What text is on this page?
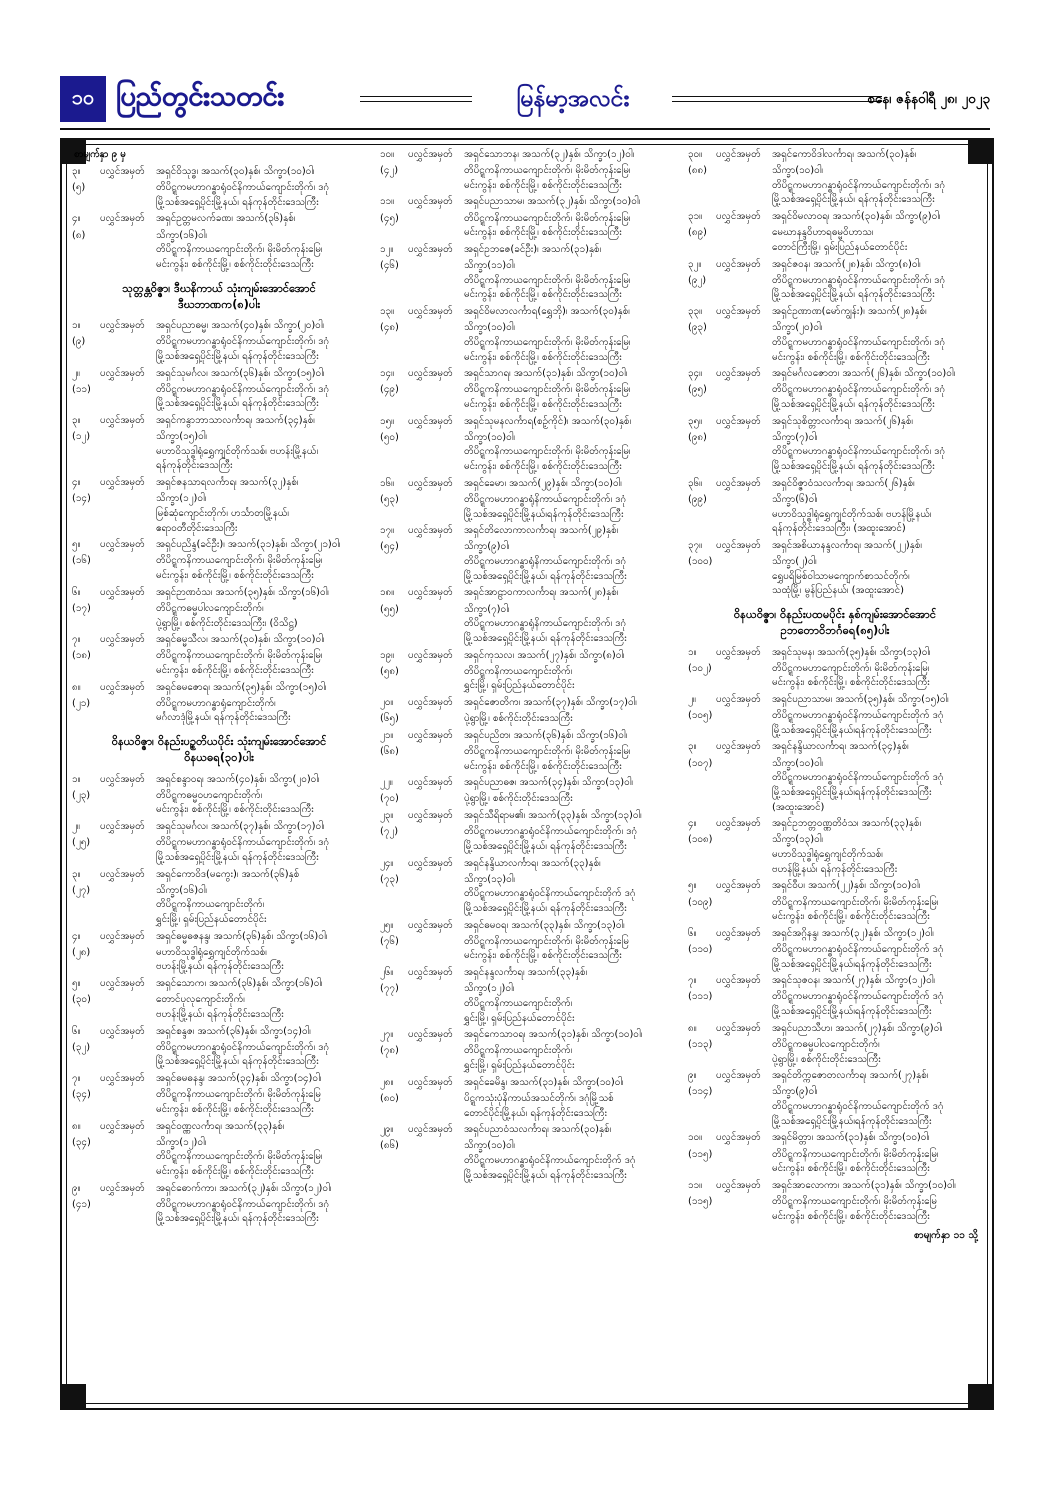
၁၀ ပြည်တွင်းသတင်း	မြန်မာ့အလင်း	စနေ၊ ဇန်နဝါရီ ၂၈၊ ၂၀၂၃
စာမျက်နှာ ၉ မှ
၃။	ပလွှင်အမှတ်	အရှင်ဝိသုဒ္ဓ၊ အသက်(၃၀)နှစ်၊ သိက္ခာ(၁၀)ဝါ၊
(၅)	တိပိဋ္ဋကမဟာဂန္ဓာရုံဝင်နိကာယ်ကျောင်းတိုက်၊ ဒဂုံ
မြို့သစ်အရှေ့ပိုင်းမြို့နယ်၊ ရန်ကုန်တိုင်းဒေသကြီး
၄။	ပလွှင်အမှတ်	အရှင်ဥတ္တမလက်ခဏ၊ အသက်(၃၆)နှစ်၊
(၈)	သိက္ခာ(၁၆)ဝါ၊
တိပိဋ္ဋကနိကာယကျောင်းတိုက်၊ မိုးမိတ်ကုန်းမြေ၊
မင်းကွန်း၊ စစ်ကိုင်းမြို့၊ စစ်ကိုင်းတိုင်းဒေသကြီး
သုတ္တန္တဝိဇ္ဇာ၊ ဒီဃနိကာယ် သုံးကျမ်းအောင်အောင်
ဒီဃဘာဏက(၈)ပါး
၁။	ပလွှင်အမှတ်	အရှင်ပညာဓမ္မ၊ အသက်(၄၀)နှစ်၊ သိက္ခာ(၂၀)ဝါ၊
(၉)	တိပိဋ္ဋကမဟာဂန္ဓာရုံဝင်နိကာယ်ကျောင်းတိုက်၊ ဒဂုံ
မြို့သစ်အရှေ့ပိုင်းမြို့နယ်၊ ရန်ကုန်တိုင်းဒေသကြီး
၂။	ပလွှင်အမှတ်	အရှင်သုမင်္ဂလ၊ အသက်(၃၆)နှစ်၊ သိက္ခာ(၁၅)ဝါ၊
(၁၁)	တိပိဋ္ဋကမဟာဂန္ဓာရုံဝင်နိကာယ်ကျောင်းတိုက်၊ ဒဂုံ
မြို့သစ်အရှေ့ပိုင်းမြို့နယ်၊ ရန်ကုန်တိုင်းဒေသကြီး
၃။	ပလွှင်အမှတ်	အရှင်ကနွာဘာသာလင်္ကာရ၊ အသက်(၃၄)နှစ်၊
(၁၂)	သိက္ခာ(၁၅)ဝါ၊
မဟာဝိသုဒ္ဓါရုံရွှေကျင်တိုက်သစ်၊ ဗဟန်းမြို့နယ်၊
ရန်ကုန်တိုင်းဒေသကြီး
၄။	ပလွှင်အမှတ်	အရှင်ဇနသာရလင်္ကာရ၊ အသက်(၃၂)နှစ်၊
(၁၄)	သိက္ခာ(၁၂)ဝါ၊
မြစ်ဆုံကျောင်းတိုက်၊ ဟင်္သာတမြို့နယ်၊
ဧရာဝတီတိုင်းဒေသကြီး
၅။	ပလွှင်အမှတ်	အရှင်ပညိန္ဒ(ခင်ဦး)၊ အသက်(၃၁)နှစ်၊ သိက္ခာ(၂၁)ဝါ၊
(၁၆)	တိပိဋ္ဋကနိကာယကျောင်းတိုက်၊ မိုးမိတ်ကုန်းမြေ၊
မင်းကွန်း၊ စစ်ကိုင်းမြို့၊ စစ်ကိုင်းတိုင်းဒေသကြီး
၆။	ပလွှင်အမှတ်	အရှင်ဉာဏဝံသ၊ အသက်(၃၅)နှစ်၊ သိက္ခာ(၁၆)ဝါ၊
(၁၇)	တိပိဋ္ဋကဓမ္မပါလကျောင်းတိုက်၊
ပုဲ့ရွာမြို့၊ စစ်ကိုင်းတိုင်းဒေသကြီး၊ (ဝိသိဋ္ဌ)
၇။	ပလွှင်အမှတ်	အရှင်ဓမ္မသီလ၊ အသက်(၃၀)နှစ်၊ သိက္ခာ(၁၀)ဝါ၊
(၁၈)	တိပိဋ္ဋကနိကာယကျောင်းတိုက်၊ မိုးမိတ်ကုန်းမြေ၊
မင်းကွန်း၊ စစ်ကိုင်းမြို့၊ စစ်ကိုင်းတိုင်းဒေသကြီး
၈။	ပလွှင်အမှတ်	အရှင်ဓမဇောရ၊ အသက်(၃၅)နှစ်၊ သိက္ခာ(၁၅)ဝါ၊
(၂၁)	တိပိဋ္ဋကမဟာဂန္ဓာရုံကျောင်းတိုက်၊
မင်္ဂလာဒုံမြို့နယ်၊ ရန်ကုန်တိုင်းဒေသကြီး
ဝိနယဝိဇ္ဇာ၊ ဝိနည်းပဉ္စတိယပိုင်း သုံးကျမ်းအောင်အောင်
ဝိနယဓရ(၃၀)ပါး
၁။	ပလွှင်အမှတ်	အရှင်စန္ဒာဝရ၊ အသက်(၄၀)နှစ်၊ သိက္ခာ(၂၀)ဝါ၊
(၂၃)	တိပိဋ္ဋကဓမ္မဝဟကျောင်းတိုက်၊
မင်းကွန်း၊ စစ်ကိုင်းမြို့၊ စစ်ကိုင်းတိုင်းဒေသကြီး
၂။	ပလွှင်အမှတ်	အရှင်သုမင်္ဂလ၊ အသက်(၃၇)နှစ်၊ သိက္ခာ(၁၇)ဝါ၊
(၂၅)	တိပိဋ္ဋကမဟာဂန္ဓာရုံဝင်နိကာယ်ကျောင်းတိုက်၊ ဒဂုံ
မြို့သစ်အရှေ့ပိုင်းမြို့နယ်၊ ရန်ကုန်တိုင်းဒေသကြီး
၃။	ပလွှင်အမှတ်	အရှင်ကောဝိဒ(မကွေး)၊ အသက်(၃၆)နှစ်
(၂၇)	သိက္ခာ(၁၆)ဝါ၊
တိပိဋ္ဋကနိကာယကျောင်းတိုက်၊
ရွှင်းမြို့၊ ရှမ်းပြည်နယ်တောင်ပိုင်း
၄။	ပလွှင်အမှတ်	အရှင်ဓမ္မဓဇနန္ဒ၊ အသက်(၃၆)နှစ်၊ သိက္ခာ(၁၆)ဝါ၊
(၂၈)	မဟာဝိသုဒ္ဓါရုံရွှေကျင်တိုက်သစ်၊
ဗဟန်းမြို့နယ်၊ ရန်ကုန်တိုင်းဒေသကြီး
၅။	ပလွှင်အမှတ်	အရှင်သောက၊ အသက်(၃၆)နှစ်၊ သိက္ခာ(၁၆)ဝါ၊
(၃၀)	တောင်ပုလုကျောင်းတိုက်၊
ဗဟန်းမြို့နယ်၊ ရန်ကုန်တိုင်းဒေသကြီး
၆။	ပလွှင်အမှတ်	အရှင်စန္ဒဇ၊ အသက်(၃၆)နှစ်၊ သိက္ခာ(၁၄)ဝါ၊
(၃၂)	တိပိဋ္ဋကမဟာဂန္ဓာရုံဝင်နိကာယ်ကျောင်းတိုက်၊ ဒဂုံ
မြို့သစ်အရှေ့ပိုင်းမြို့နယ်၊ ရန်ကုန်တိုင်းဒေသကြီး
၇။	ပလွှင်အမှတ်	အရှင်ဓမဓနန္ဒ၊ အသက်(၃၄)နှစ်၊ သိက္ခာ(၁၄)ဝါ၊
(၃၄)	တိပိဋ္ဋကနိကာယကျောင်းတိုက်၊ မိုးမိတ်ကုန်းမြေ
မင်းကွန်း၊ စစ်ကိုင်းမြို့၊ စစ်ကိုင်းတိုင်းဒေသကြီး
၈။	ပလွှင်အမှတ်	အရှင်ဝဏ္ဏလင်္ကာရ၊ အသက်(၃၃)နှစ်၊
(၃၄)	သိက္ခာ(၁၂)ဝါ၊
တိပိဋ္ဋကနိကာယကျောင်းတိုက်၊ မိုးမိတ်ကုန်းမြေ၊
မင်းကွန်း၊ စစ်ကိုင်းမြို့၊ စစ်ကိုင်းတိုင်းဒေသကြီး
၉။	ပလွှင်အမှတ်	အရှင်ဓောက်ကာ၊ အသက်(၃၂)နှစ်၊ သိက္ခာ(၁၂)ဝါ၊
(၄၁)	တိပိဋ္ဋကမဟာဂန္ဓာရုံဝင်နိကာယ်ကျောင်းတိုက်၊ ဒဂုံ
မြို့သစ်အရှေ့ပိုင်းမြို့နယ်၊ ရန်ကုန်တိုင်းဒေသကြီး
၁၀။	ပလွှင်အမှတ်	အရှင်သောဘန၊ အသက်(၃၂)နှစ်၊ သိက္ခာ(၁၂)ဝါ၊
(၄၂)	တိပိဋ္ဋကနိကာယကျောင်းတိုက်၊ မိုးမိတ်ကုန်းမြေ၊
မင်းကွန်း၊ စစ်ကိုင်းမြို့၊ စစ်ကိုင်းတိုင်းဒေသကြီး
၁၁။	ပလွှင်အမှတ်	အရှင်ပညာသာမ၊ အသက်(၃၂)နှစ်၊ သိက္ခာ(၁၀)ဝါ၊
(၄၅)	တိပိဋ္ဋကနိကာယကျောင်းတိုက်၊ မိုးမိတ်ကုန်းမြေ၊
မင်းကွန်း၊ စစ်ကိုင်းမြို့၊ စစ်ကိုင်းတိုင်းဒေသကြီး
၁၂။	ပလွှင်အမှတ်	အရှင်ဥဘဇေ(ခင်ဦး)၊ အသက်(၃၁)နှစ်၊
(၄၆)	သိက္ခာ(၁၁)ဝါ၊
တိပိဋ္ဋကနိကာယကျောင်းတိုက်၊ မိုးမိတ်ကုန်းမြေ၊
မင်းကွန်း၊ စစ်ကိုင်းမြို့၊ စစ်ကိုင်းတိုင်းဒေသကြီး
၁၃။	ပလွှင်အမှတ်	အရှင်ဝိမလာလင်္ကာရ(ရွှေဘို)၊ အသက်(၃၀)နှစ်၊
(၄၈)	သိက္ခာ(၁၀)ဝါ၊
တိပိဋ္ဋကနိကာယကျောင်းတိုက်၊ မိုးမိတ်ကုန်းမြေ၊
မင်းကွန်း၊ စစ်ကိုင်းမြို့၊ စစ်ကိုင်းတိုင်းဒေသကြီး
၁၄။	ပလွှင်အမှတ်	အရှင်သာဂရ၊ အသက်(၃၁)နှစ်၊ သိက္ခာ(၁၀)ဝါ၊
(၄၉)	တိပိဋ္ဋကနိကာယကျောင်းတိုက်၊ မိုးမိတ်ကုန်းမြေ၊
မင်းကွန်း၊ စစ်ကိုင်းမြို့၊ စစ်ကိုင်းတိုင်းဒေသကြီး
၁၅။	ပလွှင်အမှတ်	အရှင်သုမနလင်္ကာရ(စဉ့်ကိုင်)၊ အသက်(၃၀)နှစ်၊
(၅၀)	သိက္ခာ(၁၀)ဝါ၊
တိပိဋ္ဋကနိကာယကျောင်းတိုက်၊ မိုးမိတ်ကုန်းမြေ၊
မင်းကွန်း၊ စစ်ကိုင်းမြို့၊ စစ်ကိုင်းတိုင်းဒေသကြီး
၁၆။	ပလွှင်အမှတ်	အရှင်ခေမာ၊ အသက်(၂၉)နှစ်၊ သိက္ခာ(၁၀)ဝါ၊
(၅၃)	တိပိဋ္ဋကမဟာဂန္ဓာရုံနိကာယ်ကျောင်းတိုက်၊ ဒဂုံ
မြို့သစ်အရှေ့ပိုင်းမြို့နယ်၊ရန်ကုန်တိုင်းဒေသကြီး
၁၇။	ပလွှင်အမှတ်	အရှင်တိလောကာလင်္ကာရ၊ အသက်(၂၉)နှစ်၊
(၅၄)	သိက္ခာ(၉)ဝါ၊
တိပိဋ္ဋကမဟာဂန္ဓာရုံနိကာယ်ကျောင်းတိုက်၊ ဒဂုံ
မြို့သစ်အရှေ့ပိုင်းမြို့နယ်၊ ရန်ကုန်တိုင်းဒေသကြီး
၁၈။	ပလွှင်အမှတ်	အရှင်အာဠာဝကာလင်္ကာရ၊ အသက်(၂၈)နှစ်၊
(၅၅)	သိက္ခာ(၇)ဝါ၊
တိပိဋ္ဋကမဟာဂန္ဓာရုံနိကာယ်ကျောင်းတိုက်၊ ဒဂုံ
မြို့သစ်အရှေ့ပိုင်းမြို့နယ်၊ ရန်ကုန်တိုင်းဒေသကြီး
၁၉။	ပလွှင်အမှတ်	အရှင်ကုသလ၊ အသက်(၂၇)နှစ်၊ သိက္ခာ(၈)ဝါ၊
(၅၈)	တိပိဋ္ဋကနိကာယကျောင်းတိုက်၊
ရွှင်းမြို့၊ ရှမ်းပြည်နယ်တောင်ပိုင်း
၂၀။	ပလွှင်အမှတ်	အရှင်ဇောတိက၊ အသက်(၃၇)နှစ်၊ သိက္ခာ(၁၇)ဝါ၊
(၆၅)	ပုဲ့ရွာမြို့၊ စစ်ကိုင်းတိုင်းဒေသကြီး
၂၁။	ပလွှင်အမှတ်	အရှင်ပညိတ၊ အသက်(၃၆)နှစ်၊ သိက္ခာ(၁၆)ဝါ၊
(၆၈)	တိပိဋ္ဋကနိကာယကျောင်းတိုက်၊ မိုးမိတ်ကုန်းမြေ၊
မင်းကွန်း၊ စစ်ကိုင်းမြို့၊ စစ်ကိုင်းတိုင်းဒေသကြီး
၂၂။	ပလွှင်အမှတ်	အရှင်ပညာဓဇ၊ အသက်(၃၄)နှစ်၊ သိက္ခာ(၁၃)ဝါ၊
(၇၀)	ပုဲ့ရွာမြို့၊ စစ်ကိုင်းတိုင်းဒေသကြီး
၂၃။	ပလွှင်အမှတ်	အရှင်သီရိရာမ၏၊ အသက်(၃၃)နှစ်၊ သိက္ခာ(၁၃)ဝါ၊
(၇၂)	တိပိဋ္ဋကမဟာဂန္ဓာရုံဝင်နိကာယ်ကျောင်းတိုက်၊ ဒဂုံ
မြို့သစ်အရှေ့ပိုင်းမြို့နယ်၊ ရန်ကုန်တိုင်းဒေသကြီး
၂၄။	ပလွှင်အမှတ်	အရှင်နန္ဒိယာလင်္ကာရ၊ အသက်(၃၃)နှစ်၊
(၇၃)	သိက္ခာ(၁၃)ဝါ၊
တိပိဋ္ဋကမဟာဂန္ဓာရုံဝင်နိကာယ်ကျောင်းတိုက် ဒဂုံ
မြို့သစ်အရှေ့ပိုင်းမြို့နယ်၊ ရန်ကုန်တိုင်းဒေသကြီး
၂၅။	ပလွှင်အမှတ်	အရှင်ဓမဝရ၊ အသက်(၃၃)နှစ်၊ သိက္ခာ(၁၃)ဝါ၊
(၇၆)	တိပိဋ္ဋကနိကာယကျောင်းတိုက်၊ မိုးမိတ်ကုန်းမြေ
မင်းကွန်း၊ စစ်ကိုင်းမြို့၊ စစ်ကိုင်းတိုင်းဒေသကြီး
၂၆။	ပလွှင်အမှတ်	အရှင်နန္ဒလင်္ကာရ၊ အသက်(၃၃)နှစ်၊
(၇၇)	သိက္ခာ(၁၂)ဝါ၊
တိပိဋ္ဋကနိကာယကျောင်းတိုက်၊
ရွှင်းမြို့၊ ရှမ်းပြည်နယ်တောင်ပိုင်း
၂၇။	ပလွှင်အမှတ်	အရှင်ကေသာဝရ၊ အသက်(၃၁)နှစ်၊ သိက္ခာ(၁၀)ဝါ၊
(၇၈)	တိပိဋ္ဋကနိကာယကျောင်းတိုက်၊
ရွှင်းမြို့၊ ရှမ်းပြည်နယ်တောင်ပိုင်း
၂၈။	ပလွှင်အမှတ်	အရှင်ခေမိန္ဒ၊ အသက်(၃၁)နှစ်၊ သိက္ခာ(၁၀)ဝါ၊
(၈၀)	ပိဋ္ဋကသုံးပုံနိကာယ်အသင်တိုက်၊ ဒဂုံမြို့သစ်
တောင်ပိုင်းမြို့နယ်၊ ရန်ကုန်တိုင်းဒေသကြီး
၂၉။	ပလွှင်အမှတ်	အရှင်ပညာဝံသလင်္ကာရ၊ အသက်(၃၀)နှစ်၊
(၈၆)	သိက္ခာ(၁၀)ဝါ၊
တိပိဋ္ဋကမဟာဂန္ဓာရုံဝင်နိကာယ်ကျောင်းတိုက် ဒဂုံ
မြို့သစ်အရှေ့ပိုင်းမြို့နယ်၊ ရန်ကုန်တိုင်းဒေသကြီး
၃၀။	ပလွှင်အမှတ်	အရှင်ကောဝိဒါလင်္ကာရ၊ အသက်(၃၀)နှစ်၊
(၈၈)	သိက္ခာ(၁၀)ဝါ၊
တိပိဋ္ဋကမဟာဂန္ဓာရုံဝင်နိကာယ်ကျောင်းတိုက်၊ ဒဂုံ
မြို့သစ်အရှေ့ပိုင်းမြို့နယ်၊ ရန်ကုန်တိုင်းဒေသကြီး
၃၁။	ပလွှင်အမှတ်	အရှင်ဝိမလာဝရ၊ အသက်(၃၀)နှစ်၊ သိက္ခာ(၉)ဝါ၊
(၈၉)	မေဃာနန္ဒဝိဟာရဓမ္မဝိဟာသ၊
တောင်ကြီးမြို့၊ ရှမ်းပြည်နယ်တောင်ပိုင်း
၃၂။	ပလွှင်အမှတ်	အရှင်ဇဝန၊ အသက်(၂၈)နှစ်၊ သိက္ခာ(၈)ဝါ၊
(၉၂)	တိပိဋ္ဋကမဟာဂန္ဓာရုံဝင်နိကာယ်ကျောင်းတိုက်၊ ဒဂုံ
မြို့သစ်အရှေ့ပိုင်းမြို့နယ်၊ ရန်ကုန်တိုင်းဒေသကြီး
၃၃။	ပလွှင်အမှတ်	အရှင်ဥဏာဏ(မော်ကျွန်း)၊ အသက်(၂၈)နှစ်၊
(၉၃)	သိက္ခာ(၂၀)ဝါ၊
တိပိဋ္ဋကမဟာဂန္ဓာရုံဝင်နိကာယ်ကျောင်းတိုက်၊ ဒဂုံ
မင်းကွန်း၊ စစ်ကိုင်းမြို့၊ စစ်ကိုင်းတိုင်းဒေသကြီး
၃၄။	ပလွှင်အမှတ်	အရှင်မင်္ဂလဇောတ၊ အသက်(၂၆)နှစ်၊ သိက္ခာ(၁၀)ဝါ၊
(၉၅)	တိပိဋ္ဋကမဟာဂန္ဓာရုံဝင်နိကာယ်ကျောင်းတိုက်၊ ဒဂုံ
မြို့သစ်အရှေ့ပိုင်းမြို့နယ်၊ ရန်ကုန်တိုင်းဒေသကြီး
၃၅။	ပလွှင်အမှတ်	အရှင်သုစိတ္တာလင်္ကာရ၊ အသက်(၂၆)နှစ်၊
(၉၈)	သိက္ခာ(၇)ဝါ၊
တိပိဋ္ဋကမဟာဂန္ဓာရုံဝင်နိကာယ်ကျောင်းတိုက်၊ ဒဂုံ
မြို့သစ်အရှေ့ပိုင်းမြို့နယ်၊ ရန်ကုန်တိုင်းဒေသကြီး
၃၆။	ပလွှင်အမှတ်	အရှင်ဝိဇ္ဇာဝံသလင်္ကာရ၊ အသက်(၂၆)နှစ်၊
(၉၉)	သိက္ခာ(၆)ဝါ၊
မဟာဝိသုဒ္ဓါရုံရွှေကျင်တိုက်သစ်၊ ဗဟန်မြို့နယ်၊
ရန်ကုန်တိုင်းဒေသကြီး၊ (အထူးအောင်)
၃၇။	ပလွှင်အမှတ်	အရှင်အစိယာနန္ဒလင်္ကာရ၊ အသက်(၂၂)နှစ်၊
(၁၀၀)	သိက္ခာ(၂)ဝါ၊
ရွှေပရိမြစ်ဝါသာမကျောက်စာသင်တိုက်၊
သထုံမြို့၊ မွန်ပြည်နယ်၊ (အထူးအောင်)
ဝိနယဝိဇ္ဇာ၊ ဝိနည်းပထမပိုင်း နှစ်ကျမ်းအောင်အောင်
ဥဘတောဝိဘင်္ဂဓရ(၈၅)ပါး
၁။	ပလွှင်အမှတ်	အရှင်သုမန၊ အသက်(၃၅)နှစ်၊ သိက္ခာ(၁၃)ဝါ၊
(၁၀၂)	တိပိဋ္ဋကမဟာကျောင်းတိုက်၊ မိုးမိတ်ကုန်းမြေ၊
မင်းကွန်း၊ စစ်ကိုင်းမြို့၊ စစ်ကိုင်းတိုင်းဒေသကြီး
၂။	ပလွှင်အမှတ်	အရှင်ပညာသာမ၊ အသက်(၃၅)နှစ်၊ သိက္ခာ(၁၅)ဝါ၊
(၁၀၅)	တိပိဋ္ဋကမဟာဂန္ဓာရုံဝင်နိကာယ်ကျောင်းတိုက် ဒဂုံ
မြို့သစ်အရှေ့ပိုင်းမြို့နယ်၊ရန်ကုန်တိုင်းဒေသကြီး
၃။	ပလွှင်အမှတ်	အရှင်နန္ဒိယာလင်္ကာရ၊ အသက်(၃၄)နှစ်၊
(၁၀၇)	သိက္ခာ(၁၀)ဝါ၊
တိပိဋ္ဋကမဟာဂန္ဓာရုံဝင်နိကာယ်ကျောင်းတိုက် ဒဂုံ
မြို့သစ်အရှေ့ပိုင်းမြို့နယ်၊ရန်ကုန်တိုင်းဒေသကြီး
(အထူးအောင်)
၄။	ပလွှင်အမှတ်	အရှင်ဥဘတ္တဝဏ္ဏတိဝံသ၊ အသက်(၃၃)နှစ်၊
(၁၀၈)	သိက္ခာ(၁၃)ဝါ၊
မဟာဝိသုဒ္ဓါရုံရွှေကျင်တိုက်သစ်၊
ဗဟန်မြို့နယ်၊ ရန်ကုန်တိုင်းဒေသကြီး
၅။	ပလွှင်အမှတ်	အရှင်ဝီပ၊ အသက်(၂၂)နှစ်၊ သိက္ခာ(၁၀)ဝါ၊
(၁၀၉)	တိပိဋ္ဋကနိကာယကျောင်းတိုက်၊ မိုးမိတ်ကုန်းမြေ၊
မင်းကွန်း၊ စစ်ကိုင်းမြို့၊ စစ်ကိုင်းတိုင်းဒေသကြီး
၆။	ပလွှင်အမှတ်	အရှင်အဂ္ဂိနန္ဒ၊ အသက်(၃၂)နှစ်၊ သိက္ခာ(၁၂)ဝါ၊
(၁၁၀)	တိပိဋ္ဋကမဟာဂန္ဓာရုံဝင်နိကာယ်ကျောင်းတိုက် ဒဂုံ
မြို့သစ်အရှေ့ပိုင်းမြို့နယ်၊ရန်ကုန်တိုင်းဒေသကြီး
၇။	ပလွှင်အမှတ်	အရှင်သုဇဝန၊ အသက်(၂၇)နှစ်၊ သိက္ခာ(၁၂)ဝါ၊
(၁၁၁)	တိပိဋ္ဋကမဟာဂန္ဓာရုံဝင်နိကာယ်ကျောင်းတိုက် ဒဂုံ
မြို့သစ်အရှေ့ပိုင်းမြို့နယ်၊ရန်ကုန်တိုင်းဒေသကြီး
၈။	ပလွှင်အမှတ်	အရှင်ပညာသီဟ၊ အသက်(၂၇)နှစ်၊ သိက္ခာ(၉)ဝါ၊
(၁၁၃)	တိပိဋ္ဋကဓမ္မပါလကျောင်းတိုက်၊
ပုဲ့ရွာမြို့၊ စစ်ကိုင်းတိုင်းဒေသကြီး
၉။	ပလွှင်အမှတ်	အရှင်တိက္ကဇောတလင်္ကာရ၊ အသက်(၂၇)နှစ်၊
(၁၁၄)	သိက္ခာ(၉)ဝါ၊
တိပိဋ္ဋကမဟာဂန္ဓာရုံဝင်နိကာယ်ကျောင်းတိုက် ဒဂုံ
မြို့သစ်အရှေ့ပိုင်းမြို့နယ်၊ရန်ကုန်တိုင်းဒေသကြီး
၁၀။	ပလွှင်အမှတ်	အရှင်မိတ္တာ၊ အသက်(၃၁)နှစ်၊ သိက္ခာ(၁၀)ဝါ၊
(၁၁၅)	တိပိဋ္ဋကနိကာယကျောင်းတိုက်၊ မိုးမိတ်ကုန်းမြေ၊
မင်းကွန်း၊ စစ်ကိုင်းမြို့၊ စစ်ကိုင်းတိုင်းဒေသကြီး
၁၁။	ပလွှင်အမှတ်	အရှင်အာလောကာ၊ အသက်(၃၁)နှစ်၊ သိက္ခာ(၁၀)ဝါ၊
(၁၁၅)	တိပိဋ္ဋကနိကာယကျောင်းတိုက်၊ မိုးမိတ်ကုန်းမြေ
မင်းကွန်း၊ စစ်ကိုင်းမြို့၊ စစ်ကိုင်းတိုင်းဒေသကြီး
စာမျက်နှာ ၁၁ သို့
